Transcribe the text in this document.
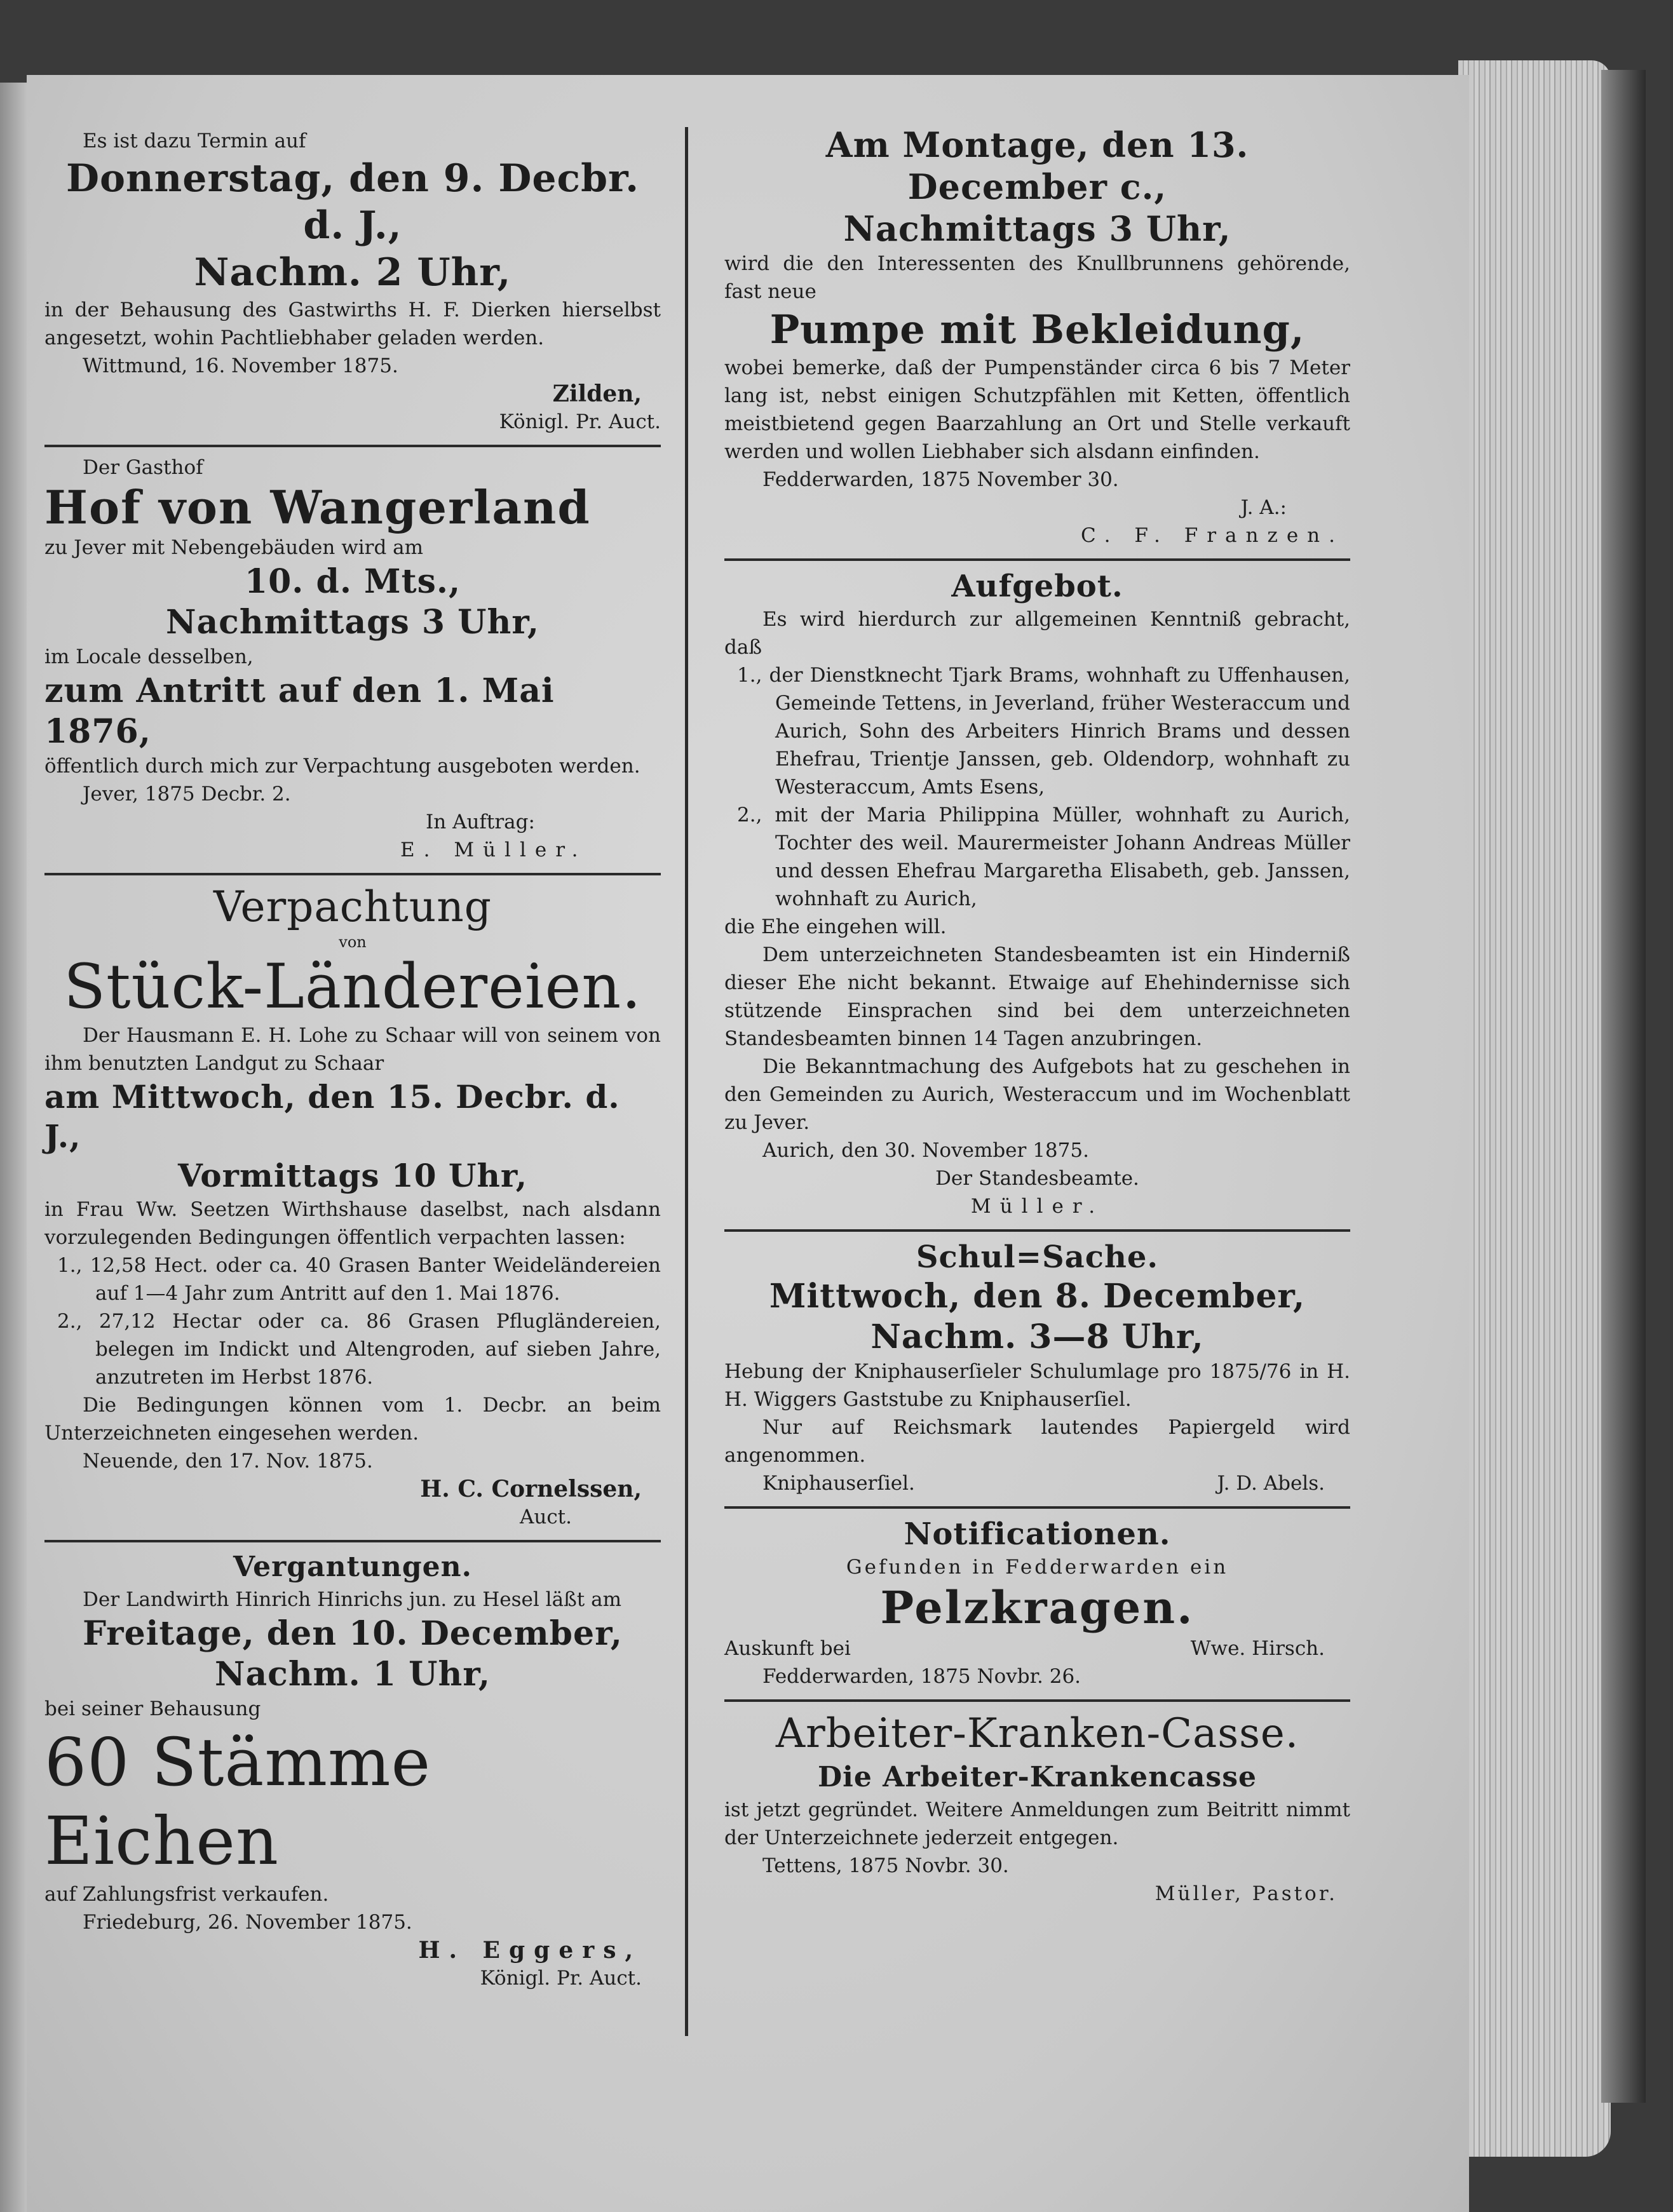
Es ist dazu Termin auf

Donnerstag, den 9. Decbr. d. J.,

Nachm. 2 Uhr,

in der Behausung des Gastwirths H. F. Dierken hierselbst angesetzt, wohin Pachtliebhaber geladen werden.

Wittmund, 16. November 1875.

Zilden,

Königl. Pr. Auct.

Der Gasthof

Hof von Wangerland

zu Jever mit Nebengebäuden wird am

10. d. Mts.,

Nachmittags 3 Uhr,

im Locale desselben,

zum Antritt auf den 1. Mai 1876,

öffentlich durch mich zur Verpachtung ausgeboten werden.

Jever, 1875 Decbr. 2.

In Auftrag:

E. Müller.

Verpachtung

von

Stück-Ländereien.

Der Hausmann E. H. Lohe zu Schaar will von seinem von ihm benutzten Landgut zu Schaar

am Mittwoch, den 15. Decbr. d. J.,

Vormittags 10 Uhr,

in Frau Ww. Seetzen Wirthshause daselbst, nach alsdann vorzulegenden Bedingungen öffentlich verpachten lassen:

1., 12,58 Hect. oder ca. 40 Grasen Banter Weideländereien auf 1—4 Jahr zum Antritt auf den 1. Mai 1876.

2., 27,12 Hectar oder ca. 86 Grasen Pflugländereien, belegen im Indickt und Altengroden, auf sieben Jahre, anzutreten im Herbst 1876.

Die Bedingungen können vom 1. Decbr. an beim Unterzeichneten eingesehen werden.

Neuende, den 17. Nov. 1875.

H. C. Cornelssen,

Auct.

Vergantungen.

Der Landwirth Hinrich Hinrichs jun. zu Hesel läßt am

Freitage, den 10. December,

Nachm. 1 Uhr,

bei seiner Behausung

60 Stämme Eichen

auf Zahlungsfrist verkaufen.

Friedeburg, 26. November 1875.

H. Eggers,

Königl. Pr. Auct.

Am Montage, den 13. December c.,

Nachmittags 3 Uhr,

wird die den Interessenten des Knullbrunnens gehörende, fast neue

Pumpe mit Bekleidung,

wobei bemerke, daß der Pumpenständer circa 6 bis 7 Meter lang ist, nebst einigen Schutzpfählen mit Ketten, öffentlich meistbietend gegen Baarzahlung an Ort und Stelle verkauft werden und wollen Liebhaber sich alsdann einfinden.

Fedderwarden, 1875 November 30.

J. A.:

C. F. Franzen.

Aufgebot.

Es wird hierdurch zur allgemeinen Kenntniß gebracht, daß

1., der Dienstknecht Tjark Brams, wohnhaft zu Uffenhausen, Gemeinde Tettens, in Jeverland, früher Westeraccum und Aurich, Sohn des Arbeiters Hinrich Brams und dessen Ehefrau, Trientje Janssen, geb. Oldendorp, wohnhaft zu Westeraccum, Amts Esens,

2., mit der Maria Philippina Müller, wohnhaft zu Aurich, Tochter des weil. Maurermeister Johann Andreas Müller und dessen Ehefrau Margaretha Elisabeth, geb. Janssen, wohnhaft zu Aurich,

die Ehe eingehen will.

Dem unterzeichneten Standesbeamten ist ein Hinderniß dieser Ehe nicht bekannt. Etwaige auf Ehehindernisse sich stützende Einsprachen sind bei dem unterzeichneten Standesbeamten binnen 14 Tagen anzubringen.

Die Bekanntmachung des Aufgebots hat zu geschehen in den Gemeinden zu Aurich, Westeraccum und im Wochenblatt zu Jever.

Aurich, den 30. November 1875.

Der Standesbeamte.

Müller.

Schul=Sache.

Mittwoch, den 8. December,

Nachm. 3—8 Uhr,

Hebung der Kniphauserſieler Schulumlage pro 1875/76 in H. H. Wiggers Gaststube zu Kniphauserſiel.

Nur auf Reichsmark lautendes Papiergeld wird angenommen.

Kniphauserſiel.	J. D. Abels.

Notificationen.

Gefunden in Fedderwarden ein

Pelzkragen.

Auskunft bei	Wwe. Hirsch.

Fedderwarden, 1875 Novbr. 26.

Arbeiter-Kranken-Casse.

Die Arbeiter-Krankencasse

ist jetzt gegründet. Weitere Anmeldungen zum Beitritt nimmt der Unterzeichnete jederzeit entgegen.

Tettens, 1875 Novbr. 30.

Müller, Pastor.
